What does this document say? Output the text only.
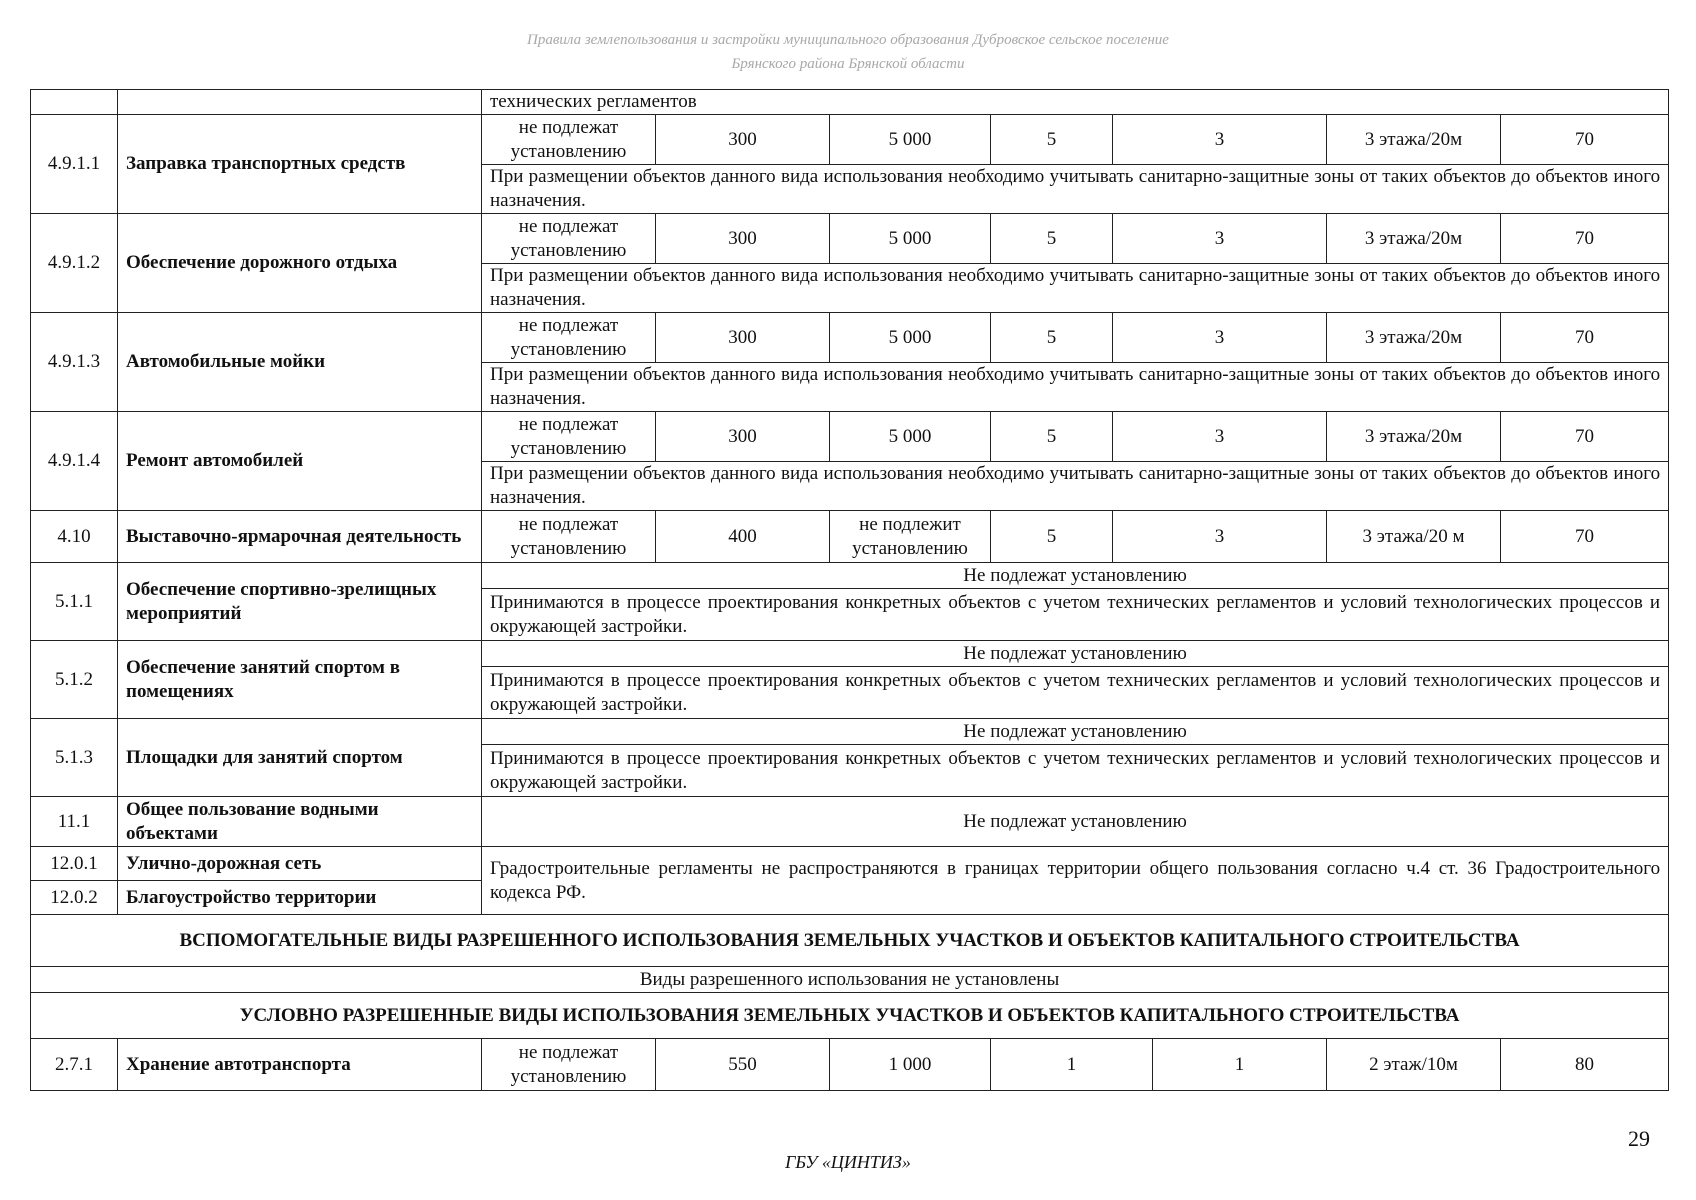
Правила землепользования и застройки муниципального образования Дубровское сельское поселение
Брянского района Брянской области
		технических регламентов							
4.9.1.1	Заправка транспортных средств	не подлежат установлению	300	5 000	5	3		3 этажа/20м	70
		При размещении объектов данного вида использования необходимо учитывать санитарно-защитные зоны от таких объектов до объектов иного назначения.							
4.9.1.2	Обеспечение дорожного отдыха	не подлежат установлению	300	5 000	5	3		3 этажа/20м	70
		При размещении объектов данного вида использования необходимо учитывать санитарно-защитные зоны от таких объектов до объектов иного назначения.							
4.9.1.3	Автомобильные мойки	не подлежат установлению	300	5 000	5	3		3 этажа/20м	70
		При размещении объектов данного вида использования необходимо учитывать санитарно-защитные зоны от таких объектов до объектов иного назначения.							
4.9.1.4	Ремонт автомобилей	не подлежат установлению	300	5 000	5	3		3 этажа/20м	70
		При размещении объектов данного вида использования необходимо учитывать санитарно-защитные зоны от таких объектов до объектов иного назначения.							
4.10	Выставочно-ярмарочная деятельность	не подлежат установлению	400	не подлежит установлению	5	3		3 этажа/20 м	70
5.1.1	Обеспечение спортивно-зрелищных мероприятий	Не подлежат установлению							
		Принимаются в процессе проектирования конкретных объектов с учетом технических регламентов и условий технологических процессов и окружающей застройки.							
5.1.2	Обеспечение занятий спортом в помещениях	Не подлежат установлению							
		Принимаются в процессе проектирования конкретных объектов с учетом технических регламентов и условий технологических процессов и окружающей застройки.							
5.1.3	Площадки для занятий спортом	Не подлежат установлению							
		Принимаются в процессе проектирования конкретных объектов с учетом технических регламентов и условий технологических процессов и окружающей застройки.							
11.1	Общее пользование водными объектами	Не подлежат установлению							
12.0.1	Улично-дорожная сеть	Градостроительные регламенты не распространяются в границах территории общего пользования согласно ч.4 ст. 36 Градостроительного кодекса РФ.							
12.0.2	Благоустройство территории								
ВСПОМОГАТЕЛЬНЫЕ ВИДЫ РАЗРЕШЕННОГО ИСПОЛЬЗОВАНИЯ ЗЕМЕЛЬНЫХ УЧАСТКОВ И ОБЪЕКТОВ КАПИТАЛЬНОГО СТРОИТЕЛЬСТВА									
Виды разрешенного использования не установлены									
УСЛОВНО РАЗРЕШЕННЫЕ ВИДЫ ИСПОЛЬЗОВАНИЯ ЗЕМЕЛЬНЫХ УЧАСТКОВ И ОБЪЕКТОВ КАПИТАЛЬНОГО СТРОИТЕЛЬСТВА									
2.7.1	Хранение автотранспорта	не подлежат установлению	550	1 000	1		1	2 этаж/10м	80
29
ГБУ «ЦИНТИЗ»
